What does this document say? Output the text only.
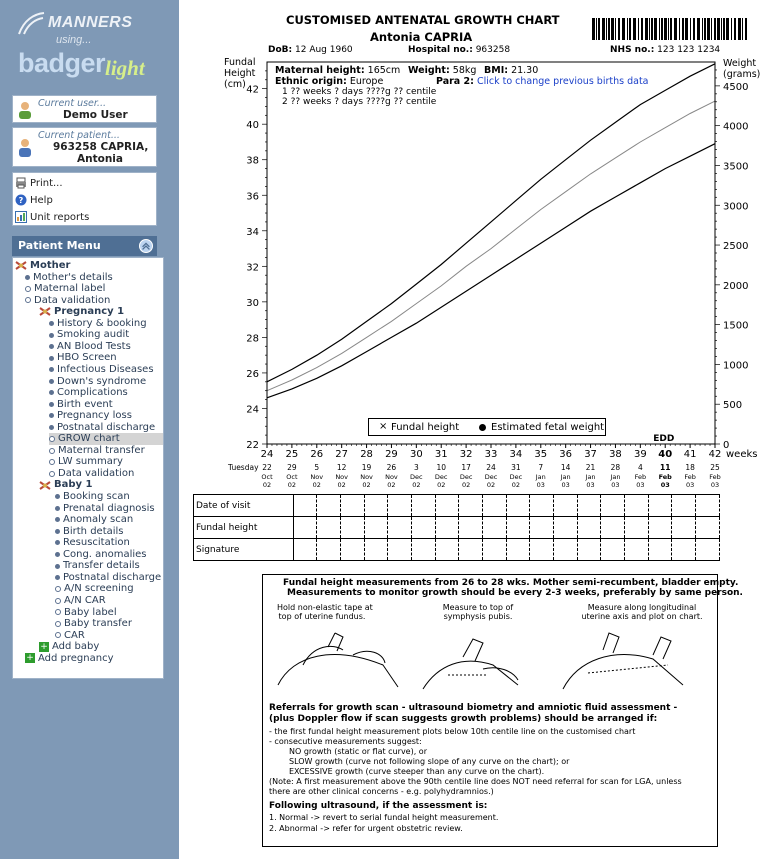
MANNERS
using...
badger light
Current user...
Demo User
Current patient...
963258 CAPRIA,
Antonia
Print...
? Help
Unit reports
Patient Menu
Mother
Mother's details
Maternal label
Data validation
Pregnancy 1
History & booking
Smoking audit
AN Blood Tests
HBO Screen
Infectious Diseases
Down's syndrome
Complications
Birth event
Pregnancy loss
Postnatal discharge
GROW chart
Maternal transfer
LW summary
Data validation
Baby 1
Booking scan
Prenatal diagnosis
Anomaly scan
Birth details
Resuscitation
Cong. anomalies
Transfer details
Postnatal discharge
A/N screening
A/N CAR
Baby label
Baby transfer
CAR
+ Add baby
+ Add pregnancy
CUSTOMISED ANTENATAL GROWTH CHART
Antonia CAPRIA
DoB: 12 Aug 1960	Hospital no.: 963258	NHS no.: 123 123 1234
22
24
26
28
30
32
34
36
38
40
42
0
500
1000
1500
2000
2500
3000
3500
4000
4500
Fundal
Height
(cm)
Weight
(grams)
24
22
Oct
02
25
29
Oct
02
26
5
Nov
02
27
12
Nov
02
28
19
Nov
02
29
26
Nov
02
30
3
Dec
02
31
10
Dec
02
32
17
Dec
02
33
24
Dec
02
34
31
Dec
02
35
7
Jan
03
36
14
Jan
03
37
21
Jan
03
38
28
Jan
03
39
4
Feb
03
40
11
Feb
03
41
18
Feb
03
42
25
Feb
03
weeks
Tuesday
EDD
Maternal height: 165cm Weight: 58kg BMI: 21.30
Ethnic origin: Europe	Para 2: Click to change previous births data
1 ?? weeks ? days ????g ?? centile
2 ?? weeks ? days ????g ?? centile
× Fundal height	Estimated fetal weight
Date of visit																		
Fundal height																		
Signature																		
Fundal height measurements from 26 to 28 wks. Mother semi-recumbent, bladder empty.
Measurements to monitor growth should be every 2-3 weeks, preferably by same person.
Hold non-elastic tape at
top of uterine fundus.
Measure to top of
symphysis pubis.
Measure along longitudinal
uterine axis and plot on chart.
Referrals for growth scan - ultrasound biometry and amniotic fluid assessment -
(plus Doppler flow if scan suggests growth problems) should be arranged if:
- the first fundal height measurement plots below 10th centile line on the customised chart
- consecutive measurements suggest:
NO growth (static or flat curve), or
SLOW growth (curve not following slope of any curve on the chart); or
EXCESSIVE growth (curve steeper than any curve on the chart).
(Note: A first measurement above the 90th centile line does NOT need referral for scan for LGA, unless
there are other clinical concerns - e.g. polyhydramnios.)
Following ultrasound, if the assessment is:
1. Normal -> revert to serial fundal height measurement.
2. Abnormal -> refer for urgent obstetric review.
